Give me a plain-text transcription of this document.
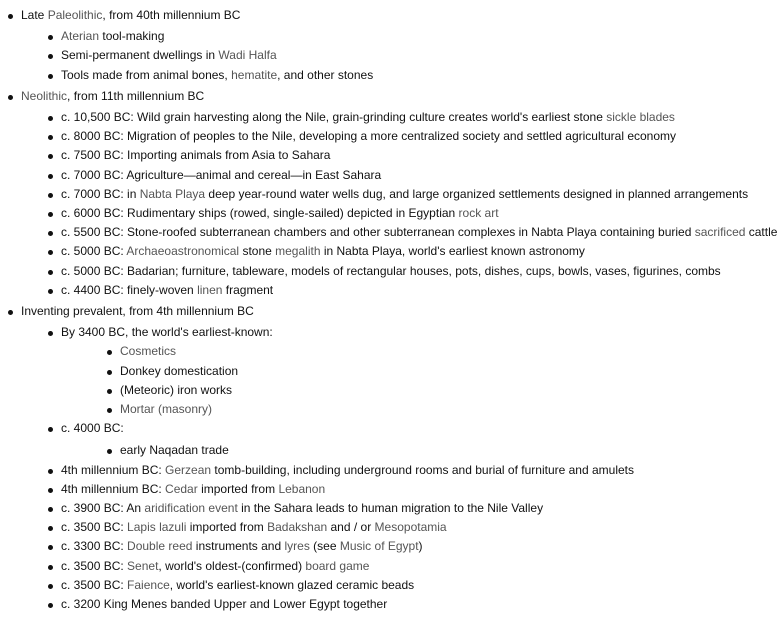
Late Paleolithic, from 40th millennium BC
Aterian tool-making
Semi-permanent dwellings in Wadi Halfa
Tools made from animal bones, hematite, and other stones
Neolithic, from 11th millennium BC
c. 10,500 BC: Wild grain harvesting along the Nile, grain-grinding culture creates world's earliest stone sickle blades
c. 8000 BC: Migration of peoples to the Nile, developing a more centralized society and settled agricultural economy
c. 7500 BC: Importing animals from Asia to Sahara
c. 7000 BC: Agriculture—animal and cereal—in East Sahara
c. 7000 BC: in Nabta Playa deep year-round water wells dug, and large organized settlements designed in planned arrangements
c. 6000 BC: Rudimentary ships (rowed, single-sailed) depicted in Egyptian rock art
c. 5500 BC: Stone-roofed subterranean chambers and other subterranean complexes in Nabta Playa containing buried sacrificed cattle
c. 5000 BC: Archaeoastronomical stone megalith in Nabta Playa, world's earliest known astronomy
c. 5000 BC: Badarian; furniture, tableware, models of rectangular houses, pots, dishes, cups, bowls, vases, figurines, combs
c. 4400 BC: finely-woven linen fragment
Inventing prevalent, from 4th millennium BC
By 3400 BC, the world's earliest-known:
Cosmetics
Donkey domestication
(Meteoric) iron works
Mortar (masonry)
c. 4000 BC:
early Naqadan trade
4th millennium BC: Gerzean tomb-building, including underground rooms and burial of furniture and amulets
4th millennium BC: Cedar imported from Lebanon
c. 3900 BC: An aridification event in the Sahara leads to human migration to the Nile Valley
c. 3500 BC: Lapis lazuli imported from Badakshan and / or Mesopotamia
c. 3300 BC: Double reed instruments and lyres (see Music of Egypt)
c. 3500 BC: Senet, world's oldest-(confirmed) board game
c. 3500 BC: Faience, world's earliest-known glazed ceramic beads
c. 3200 King Menes banded Upper and Lower Egypt together
